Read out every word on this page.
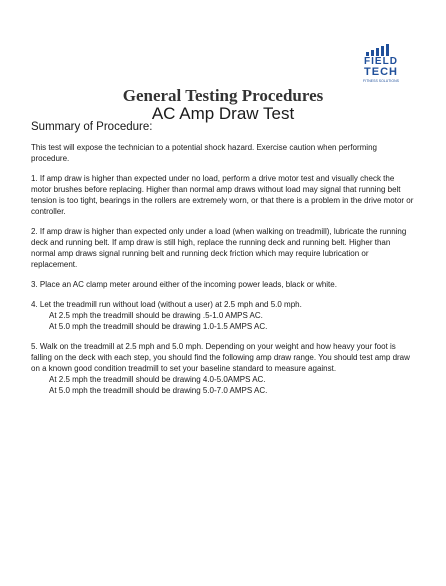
FIELD
TECH
FITNESS SOLUTIONS
General Testing Procedures
AC Amp Draw Test
Summary of Procedure:

This test will expose the technician to a potential shock hazard. Exercise caution when performing procedure.

1. If amp draw is higher than expected under no load, perform a drive motor test and visually check the motor brushes before replacing. Higher than normal amp draws without load may signal that running belt tension is too tight, bearings in the rollers are extremely worn, or that there is a problem in the drive motor or controller.

2. If amp draw is higher than expected only under a load (when walking on treadmill), lubricate the running deck and running belt. If amp draw is still high, replace the running deck and running belt. Higher than normal amp draws signal running belt and running deck friction which may require lubrication or replacement.

3. Place an AC clamp meter around either of the incoming power leads, black or white.

4. Let the treadmill run without load (without a user) at 2.5 mph and 5.0 mph.
At 2.5 mph the treadmill should be drawing .5-1.0 AMPS AC.
At 5.0 mph the treadmill should be drawing 1.0-1.5 AMPS AC.

5. Walk on the treadmill at 2.5 mph and 5.0 mph. Depending on your weight and how heavy your foot is falling on the deck with each step, you should find the following amp draw range. You should test amp draw on a known good condition treadmill to set your baseline standard to measure against.
At 2.5 mph the treadmill should be drawing 4.0-5.0AMPS AC.
At 5.0 mph the treadmill should be drawing 5.0-7.0 AMPS AC.
